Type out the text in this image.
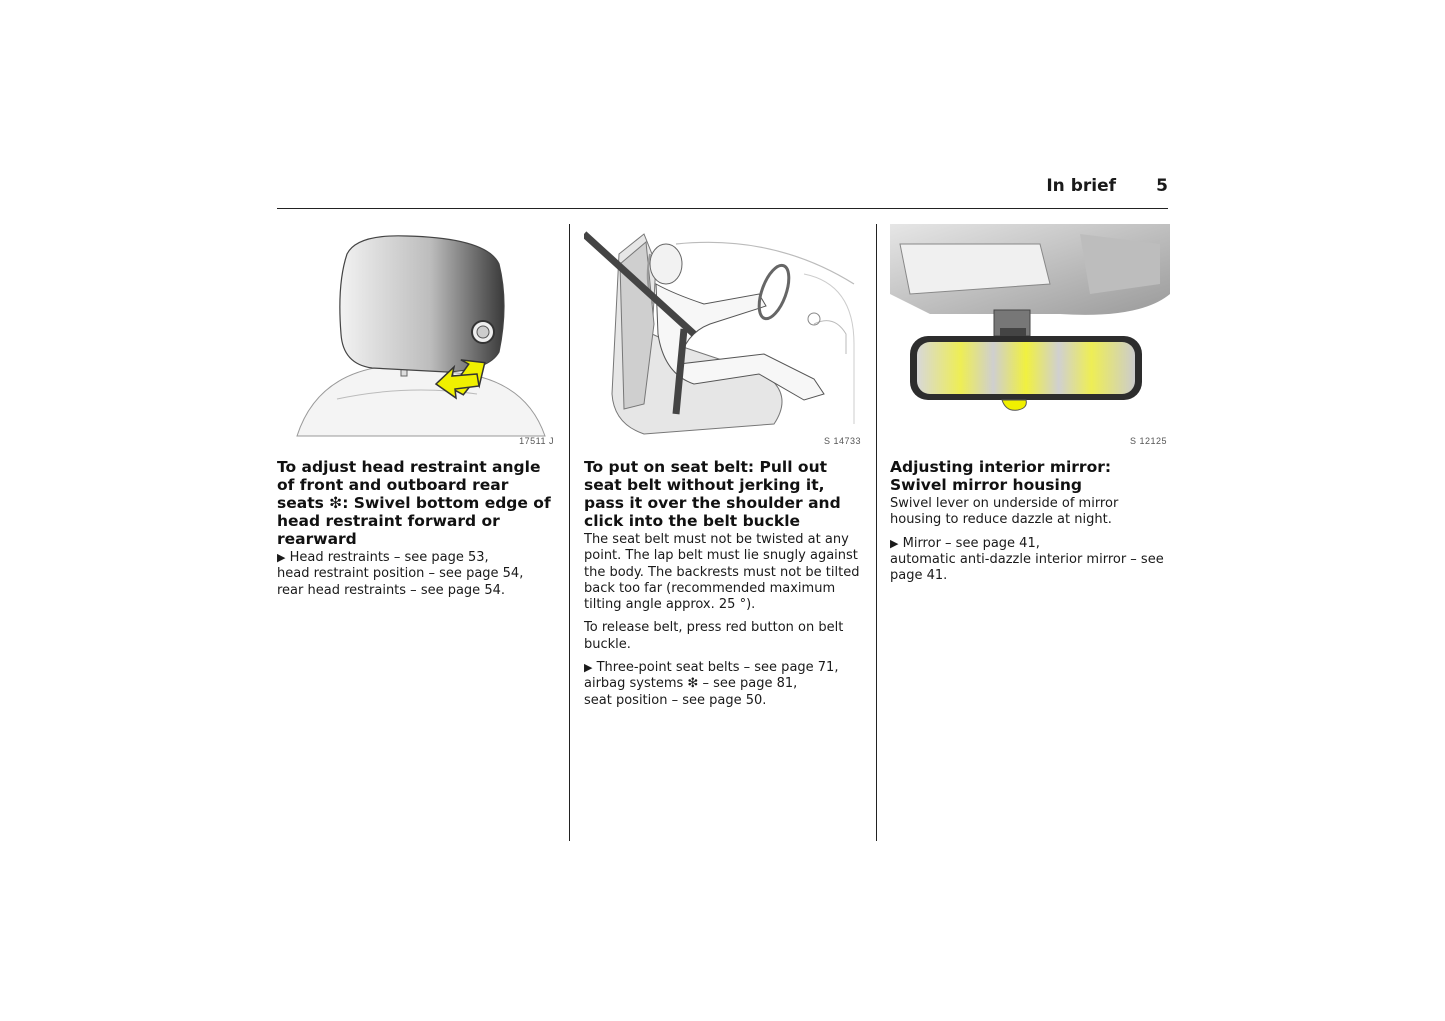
In brief 5
17511 J
To adjust head restraint angle of front and outboard rear seats ❇: Swivel bottom edge of head restraint forward or rearward

▶ Head restraints – see page 53,
head restraint position – see page 54,
rear head restraints – see page 54.

S 14733
To put on seat belt: Pull out seat belt without jerking it, pass it over the shoulder and click into the belt buckle

The seat belt must not be twisted at any point. The lap belt must lie snugly against the body. The backrests must not be tilted back too far (recommended maximum tilting angle approx. 25 °).

To release belt, press red button on belt buckle.

▶ Three-point seat belts – see page 71,
airbag systems ❇ – see page 81,
seat position – see page 50.

S 12125
Adjusting interior mirror: Swivel mirror housing

Swivel lever on underside of mirror housing to reduce dazzle at night.

▶ Mirror – see page 41,
automatic anti-dazzle interior mirror – see page 41.
